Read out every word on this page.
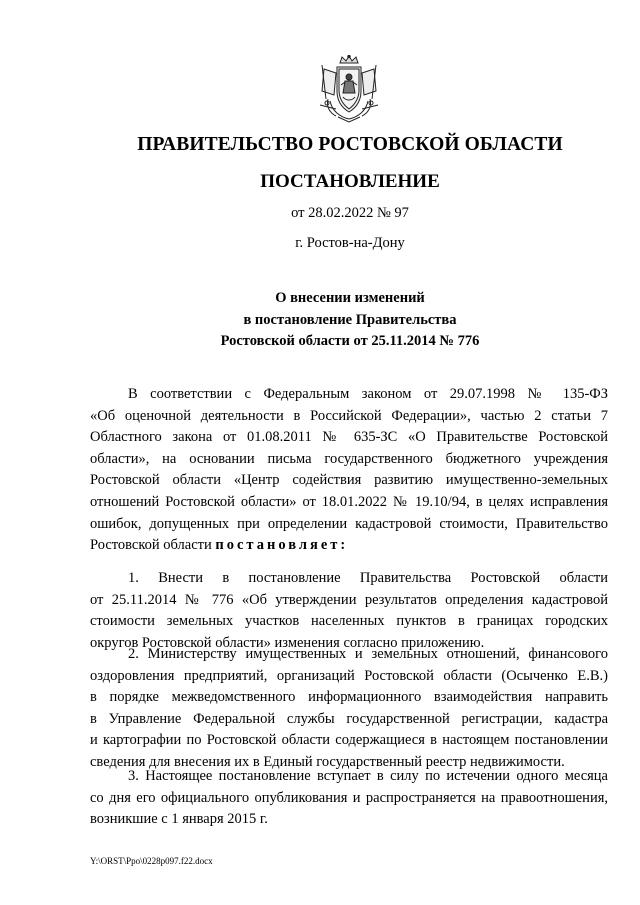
ПРАВИТЕЛЬСТВО РОСТОВСКОЙ ОБЛАСТИ
ПОСТАНОВЛЕНИЕ
от 28.02.2022 № 97
г. Ростов-на-Дону
О внесении изменений
в постановление Правительства
Ростовской области от 25.11.2014 № 776
В соответствии с Федеральным законом от 29.07.1998 № 135-ФЗ
«Об оценочной деятельности в Российской Федерации», частью 2 статьи 7
Областного закона от 01.08.2011 № 635-ЗС «О Правительстве Ростовской
области», на основании письма государственного бюджетного учреждения
Ростовской области «Центр содействия развитию имущественно-земельных
отношений Ростовской области» от 18.01.2022 № 19.10/94, в целях исправления
ошибок, допущенных при определении кадастровой стоимости, Правительство
Ростовской области постановляет:
1. Внести в постановление Правительства Ростовской области
от 25.11.2014 № 776 «Об утверждении результатов определения кадастровой
стоимости земельных участков населенных пунктов в границах городских
округов Ростовской области» изменения согласно приложению.
2. Министерству имущественных и земельных отношений, финансового
оздоровления предприятий, организаций Ростовской области (Осыченко Е.В.)
в порядке межведомственного информационного взаимодействия направить
в Управление Федеральной службы государственной регистрации, кадастра
и картографии по Ростовской области содержащиеся в настоящем постановлении
сведения для внесения их в Единый государственный реестр недвижимости.
3. Настоящее постановление вступает в силу по истечении одного месяца
со дня его официального опубликования и распространяется на правоотношения,
возникшие с 1 января 2015 г.
Y:\ORST\Ppo\0228p097.f22.docx
